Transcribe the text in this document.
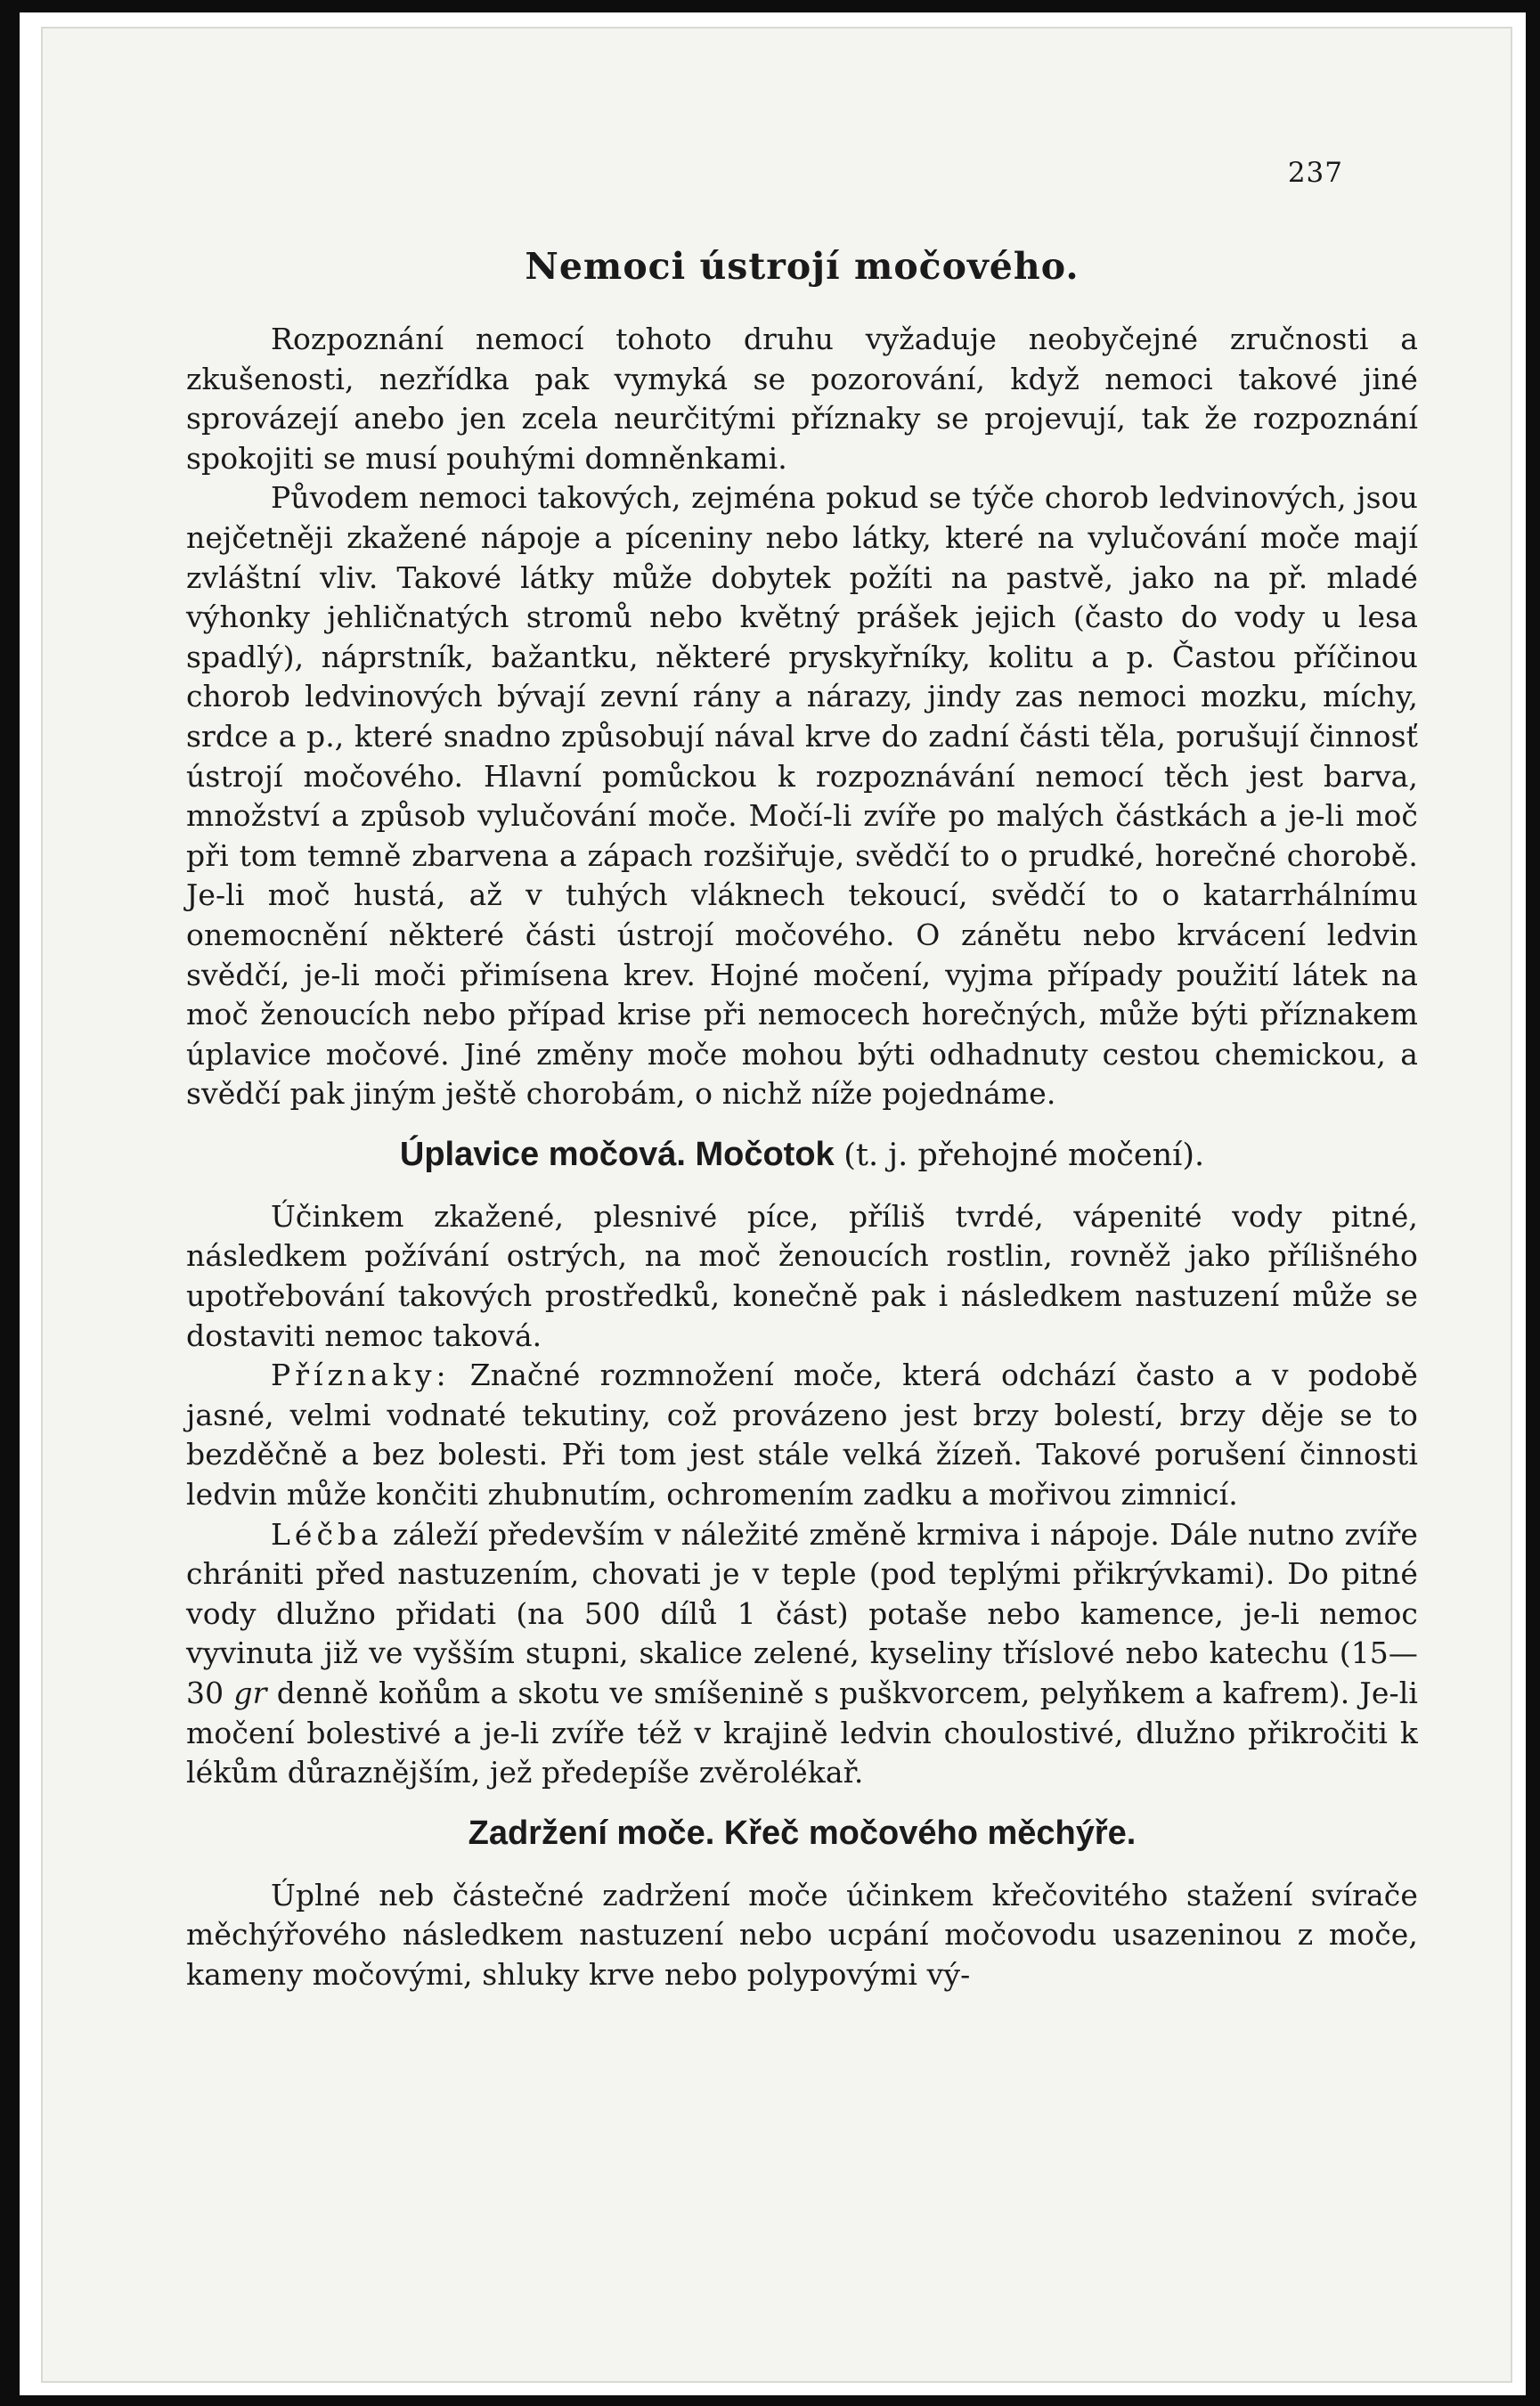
237
Nemoci ústrojí močového.

Rozpoznání nemocí tohoto druhu vyžaduje neobyčejné zručnosti a zkušenosti, nezřídka pak vymyká se pozorování, když nemoci takové jiné sprovázejí anebo jen zcela neurčitými příznaky se projevují, tak že rozpoznání spokojiti se musí pouhými domněnkami.

Původem nemoci takových, zejména pokud se týče chorob ledvinových, jsou nejčetněji zkažené nápoje a píceniny nebo látky, které na vylučování moče mají zvláštní vliv. Takové látky může dobytek požíti na pastvě, jako na př. mladé výhonky jehličnatých stromů nebo květný prášek jejich (často do vody u lesa spadlý), náprstník, bažantku, některé pryskyřníky, kolitu a p. Častou příčinou chorob ledvinových bývají zevní rány a nárazy, jindy zas nemoci mozku, míchy, srdce a p., které snadno způsobují nával krve do zadní části těla, porušují činnosť ústrojí močového. Hlavní pomůckou k rozpoznávání nemocí těch jest barva, množství a způsob vylučování moče. Močí-li zvíře po malých částkách a je-li moč při tom temně zbarvena a zápach rozšiřuje, svědčí to o prudké, horečné chorobě. Je-li moč hustá, až v tuhých vláknech tekoucí, svědčí to o katarrhálnímu onemocnění některé části ústrojí močového. O zánětu nebo krvácení ledvin svědčí, je-li moči přimísena krev. Hojné močení, vyjma případy použití látek na moč ženoucích nebo případ krise při nemocech horečných, může býti příznakem úplavice močové. Jiné změny moče mohou býti odhadnuty cestou chemickou, a svědčí pak jiným ještě chorobám, o nichž níže pojednáme.

Úplavice močová. Močotok (t. j. přehojné močení).

Účinkem zkažené, plesnivé píce, příliš tvrdé, vápenité vody pitné, následkem požívání ostrých, na moč ženoucích rostlin, rovněž jako přílišného upotřebování takových prostředků, konečně pak i následkem nastuzení může se dostaviti nemoc taková.

Příznaky: Značné rozmnožení moče, která odchází často a v podobě jasné, velmi vodnaté tekutiny, což provázeno jest brzy bolestí, brzy děje se to bezděčně a bez bolesti. Při tom jest stále velká žízeň. Takové porušení činnosti ledvin může končiti zhubnutím, ochromením zadku a mořivou zimnicí.

Léčba záleží především v náležité změně krmiva i nápoje. Dále nutno zvíře chrániti před nastuzením, chovati je v teple (pod teplými přikrývkami). Do pitné vody dlužno přidati (na 500 dílů 1 část) potaše nebo kamence, je-li nemoc vyvinuta již ve vyšším stupni, skalice zelené, kyseliny tříslové nebo katechu (15—30 gr denně koňům a skotu ve smíšenině s puškvorcem, pelyňkem a kafrem). Je-li močení bolestivé a je-li zvíře též v krajině ledvin choulostivé, dlužno přikročiti k lékům důraznějším, jež předepíše zvěrolékař.

Zadržení moče. Křeč močového měchýře.

Úplné neb částečné zadržení moče účinkem křečovitého stažení svírače měchýřového následkem nastuzení nebo ucpání močovodu usazeninou z moče, kameny močovými, shluky krve nebo polypovými vý-
